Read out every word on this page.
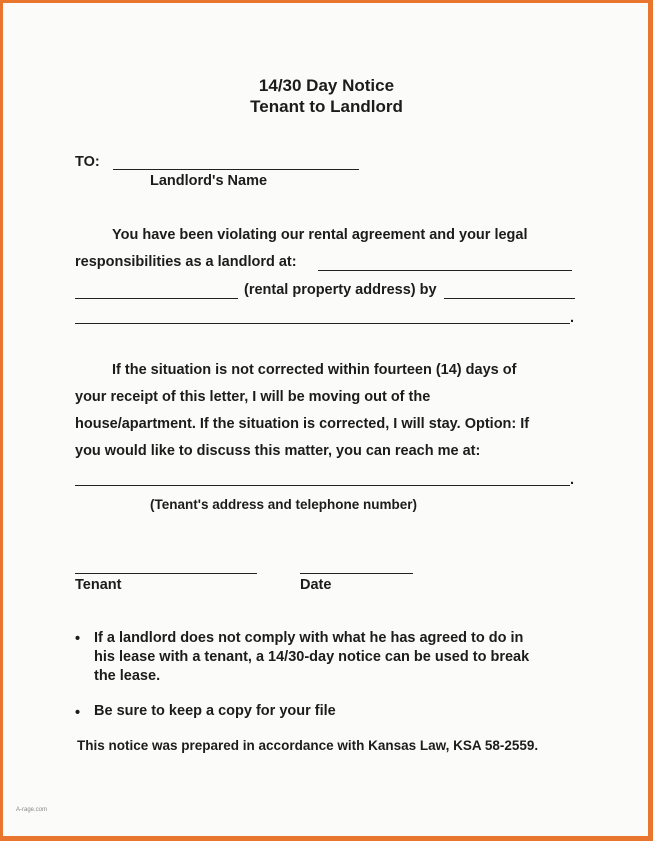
14/30 Day Notice
Tenant to Landlord
TO:
Landlord's Name
You have been violating our rental agreement and your legal
responsibilities as a landlord at:
(rental property address) by
.
If the situation is not corrected within fourteen (14) days of
your receipt of this letter, I will be moving out of the
house/apartment. If the situation is corrected, I will stay. Option: If
you would like to discuss this matter, you can reach me at:
.
(Tenant's address and telephone number)
Tenant	Date
• If a landlord does not comply with what he has agreed to do in
his lease with a tenant, a 14/30-day notice can be used to break
the lease.
• Be sure to keep a copy for your file
This notice was prepared in accordance with Kansas Law, KSA 58-2559.
A-rage.com
